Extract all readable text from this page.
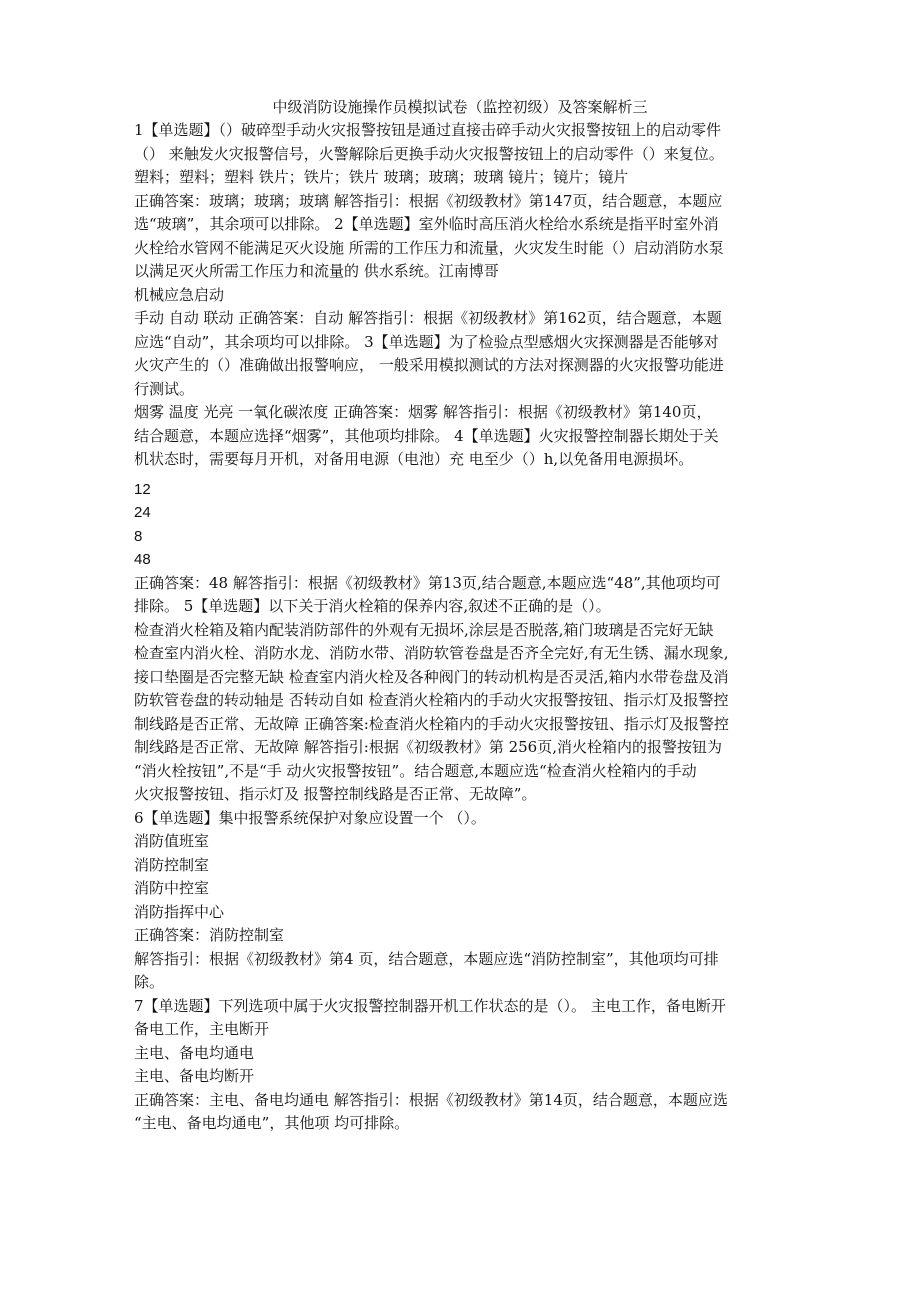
中级消防设施操作员模拟试卷（监控初级）及答案解析三
1【单选题】（）破碎型手动火灾报警按钮是通过直接击碎手动火灾报警按钮上的启动零件
（） 来触发火灾报警信号，火警解除后更换手动火灾报警按钮上的启动零件（）来复位。
塑料；塑料；塑料 铁片；铁片；铁片 玻璃；玻璃；玻璃 镜片；镜片；镜片
正确答案：玻璃；玻璃；玻璃 解答指引：根据《初级教材》第147页，结合题意，本题应
选“玻璃”，其余项可以排除。 2【单选题】室外临时高压消火栓给水系统是指平时室外消
火栓给水管网不能满足灭火设施 所需的工作压力和流量，火灾发生时能（）启动消防水泵
以满足灭火所需工作压力和流量的 供水系统。江南博哥
机械应急启动
手动 自动 联动 正确答案：自动 解答指引：根据《初级教材》第162页，结合题意，本题
应选“自动”，其余项均可以排除。 3【单选题】为了检验点型感烟火灾探测器是否能够对
火灾产生的（）准确做出报警响应， 一般采用模拟测试的方法对探测器的火灾报警功能进
行测试。
烟雾 温度 光亮 一氧化碳浓度 正确答案：烟雾 解答指引：根据《初级教材》第140页，
结合题意，本题应选择“烟雾”，其他项均排除。 4【单选题】火灾报警控制器长期处于关
机状态时，需要每月开机，对备用电源（电池）充 电至少（）h,以免备用电源损坏。
12
24
8
48
正确答案：48 解答指引：根据《初级教材》第13页,结合题意,本题应选“48”,其他项均可
排除。 5【单选题】以下关于消火栓箱的保养内容,叙述不正确的是（）。
检查消火栓箱及箱内配装消防部件的外观有无损坏,涂层是否脱落,箱门玻璃是否完好无缺
检查室内消火栓、消防水龙、消防水带、消防软管卷盘是否齐全完好,有无生锈、漏水现象,
接口垫圈是否完整无缺 检查室内消火栓及各种阀门的转动机构是否灵活,箱内水带卷盘及消
防软管卷盘的转动轴是 否转动自如 检查消火栓箱内的手动火灾报警按钮、指示灯及报警控
制线路是否正常、无故障 正确答案:检查消火栓箱内的手动火灾报警按钮、指示灯及报警控
制线路是否正常、无故障 解答指引:根据《初级教材》第 256页,消火栓箱内的报警按钮为
“消火栓按钮”,不是“手 动火灾报警按钮”。结合题意,本题应选“检查消火栓箱内的手动
火灾报警按钮、指示灯及 报警控制线路是否正常、无故障”。
6【单选题】集中报警系统保护对象应设置一个 （）。
消防值班室
消防控制室
消防中控室
消防指挥中心
正确答案：消防控制室
解答指引：根据《初级教材》第4 页，结合题意，本题应选“消防控制室”，其他项均可排
除。
7【单选题】下列选项中属于火灾报警控制器开机工作状态的是（）。 主电工作，备电断开
备电工作，主电断开
主电、备电均通电
主电、备电均断开
正确答案：主电、备电均通电 解答指引：根据《初级教材》第14页，结合题意，本题应选
“主电、备电均通电”，其他项 均可排除。
